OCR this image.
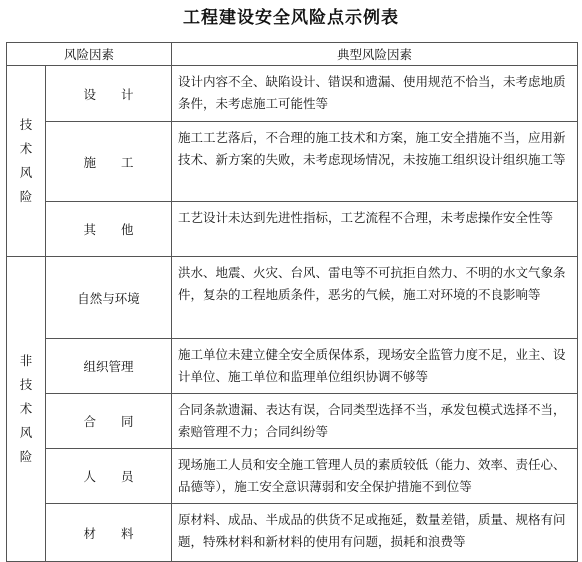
工程建设安全风险点示例表
风险因素		典型风险因素
技术风险	设　　计	设计内容不全、缺陷设计、错误和遗漏、使用规范不恰当，未考虑地质条件，未考虑施工可能性等
	施　　工	施工工艺落后，不合理的施工技术和方案，施工安全措施不当，应用新技术、新方案的失败，未考虑现场情况，未按施工组织设计组织施工等
	其　　他	工艺设计未达到先进性指标，工艺流程不合理，未考虑操作安全性等
非技术风险	自然与环境	洪水、地震、火灾、台风、雷电等不可抗拒自然力、不明的水文气象条件，复杂的工程地质条件，恶劣的气候，施工对环境的不良影响等
	组织管理	施工单位未建立健全安全质保体系，现场安全监管力度不足，业主、设计单位、施工单位和监理单位组织协调不够等
	合　　同	合同条款遗漏、表达有误，合同类型选择不当，承发包模式选择不当，索赔管理不力；合同纠纷等
	人　　员	现场施工人员和安全施工管理人员的素质较低（能力、效率、责任心、品德等），施工安全意识薄弱和安全保护措施不到位等
	材　　料	原材料、成品、半成品的供货不足或拖延，数量差错，质量、规格有问题，特殊材料和新材料的使用有问题，损耗和浪费等
